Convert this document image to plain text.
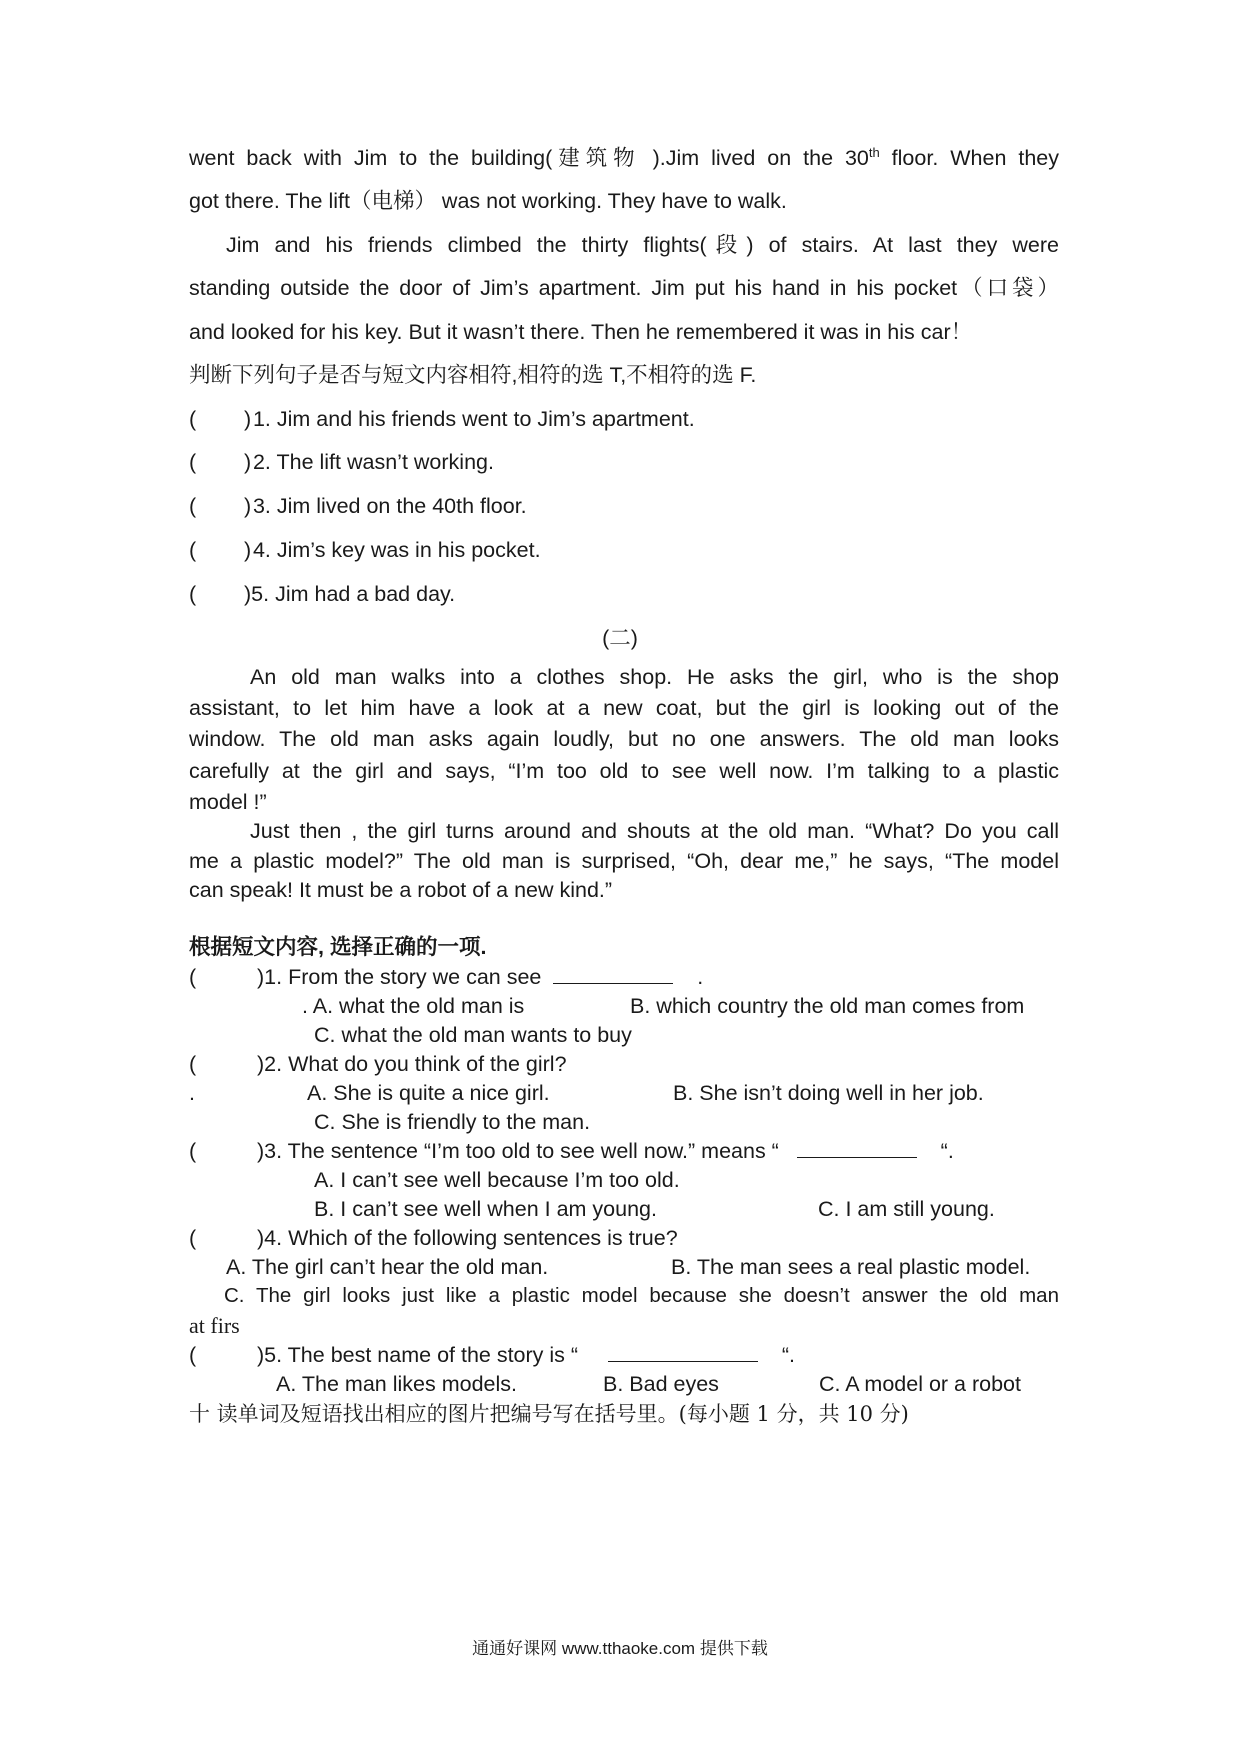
went back with Jim to the building(建筑物 ).Jim lived on the 30th floor. When they
got there. The lift（电梯） was not working. They have to walk.
Jim and his friends climbed the thirty flights(段) of stairs. At last they were
standing outside the door of Jim’s apartment. Jim put his hand in his pocket（口袋）
and looked for his key. But it wasn’t there. Then he remembered it was in his car！
判断下列句子是否与短文内容相符,相符的选 T,不相符的选 F.
( ) 1. Jim and his friends went to Jim’s apartment.
( ) 2. The lift wasn’t working.
( ) 3. Jim lived on the 40th floor.
( ) 4. Jim’s key was in his pocket.
( )5. Jim had a bad day.
(二)
An old man walks into a clothes shop. He asks the girl, who is the shop
assistant, to let him have a look at a new coat, but the girl is looking out of the
window. The old man asks again loudly, but no one answers. The old man looks
carefully at the girl and says, “I’m too old to see well now. I’m talking to a plastic
model !”
Just then , the girl turns around and shouts at the old man. “What? Do you call
me a plastic model?” The old man is surprised, “Oh, dear me,” he says, “The model
can speak! It must be a robot of a new kind.”
根据短文内容, 选择正确的一项.
(	)1. From the story we can see	.
. A. what the old man is	B. which country the old man comes from
C. what the old man wants to buy
(	)2. What do you think of the girl?
.	A. She is quite a nice girl.	B. She isn’t doing well in her job.
C. She is friendly to the man.
(	)3. The sentence “I’m too old to see well now.” means “	“.
A. I can’t see well because I’m too old.
B. I can’t see well when I am young.	C. I am still young.
(	)4. Which of the following sentences is true?
A. The girl can’t hear the old man.	B. The man sees a real plastic model.
C. The girl looks just like a plastic model because she doesn’t answer the old man
at firs
(	)5. The best name of the story is “	“.
A. The man likes models.	B. Bad eyes	C. A model or a robot
十 读单词及短语找出相应的图片把编号写在括号里。(每小题 1 分，共 10 分)
通通好课网 www.tthaoke.com 提供下载
